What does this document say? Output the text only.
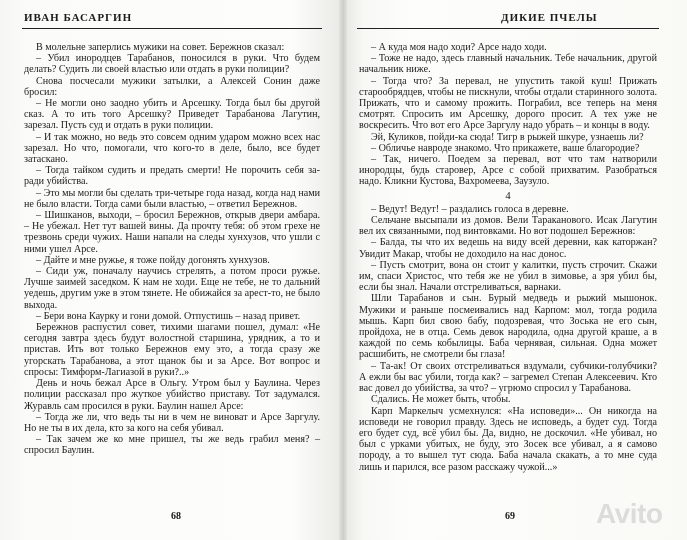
ИВАН БАСАРГИН

В молельне заперлись мужики на совет. Бережнов сказал:

– Убил инородцев Тарабанов, поносился в руки. Что будем делать? Судить ли своей властью или отдать в руки полиции?

Снова посчесали мужики затылки, а Алексей Сонин даже бросил:

– Не могли оно заодно убить и Арсешку. Тогда был бы другой сказ. А то ить того Арсешку? Приведет Тарабанова Лагутин, зарезал. Пусть суд и отдать в руки полиции.

– И так можно, но ведь это совсем одним ударом можно всех нас зарезал. Но что, помогали, что кого-то в деле, было, все будет затаскано.

– Тогда тайком судить и предать смерти! Не порочить себя за-ради убийства.

– Это мы могли бы сделать три-четыре года назад, когда над нами не было власти. Тогда сами были властью, – ответил Бережнов.

– Шишканов, выходи, – бросил Бережнов, открыв двери амбара. – Не убежал. Нет тут вашей вины. Да прочту тебя: об этом грехе не трезвонь среди чужих. Наши напали на следы хунхузов, что ушли с ними ушел Арсе.

– Дайте и мне ружье, я тоже пойду догонять хунхузов.

– Сиди уж, поначалу научись стрелять, а потом проси ружье. Лучше заимей заседком. К нам не ходи. Еще не тебе, не то дальний уедешь, другим уже в этом тянете. Не обижайся за арест-то, не было выхода.

– Бери вона Каурку и гони домой. Отпустишь – назад привет.

Бережнов распустил совет, тихими шагами пошел, думал: «Не сегодня завтра здесь будут волостной старшина, урядник, а то и пристав. Ить вот только Бережнов ему это, а тогда сразу же угорскать Тарабанова, а этот щанок бы и за Арсе. Вот вопрос и спросы: Тимформ-Лагиазой в руки?..»

День и ночь бежал Арсе в Ольгу. Утром был у Баулина. Через полиции рассказал про жуткое убийство приставу. Тот задумался. Журавль сам просился в руки. Баулин нашел Арсе:

– Тогда же ли, что ведь ты ни в чем не виноват и Арсе Заргулу. Но не ты в их дела, кто за кого на себя убивал.

– Так зачем же ко мне пришел, ты же ведь грабил меня? – спросил Баулин.

68
ДИКИЕ ПЧЕЛЫ

– А куда моя надо ходи? Арсе надо ходи.

– Тоже не надо, здесь главный начальник. Тебе начальник, другой начальник ниже.

– Тогда что? За перевал, не упустить такой куш! Прижать старообрядцев, чтобы не пискнули, чтобы отдали старинного золота. Прижать, что и самому прожить. Пограбил, все теперь на меня смотрят. Спросить им Арсешку, дорого просит. А тех уже не воскресить. Что вот его Арсе Заргулу надо убрать – и концы в воду.

Эй, Куликов, пойди-ка сюда! Тигр в рыжей шкуре, узнаешь ли?

– Обличье навроде знакомо. Что прикажете, ваше благородие?

– Так, ничего. Поедем за перевал, вот что там натворили инородцы, будь старовер, Арсе с собой прихватим. Разобраться надо. Кликни Кустова, Вахромеева, Заузуло.

4

– Ведут! Ведут! – раздались голоса в деревне.

Сельчане высыпали из домов. Вели Тараканового. Исак Лагутин вел их связанными, под винтовками. Но вот подошел Бережнов:

– Балда, ты что их ведешь на виду всей деревни, как каторжан? Увидит Макар, чтобы не доходило на нас донос.

– Пусть смотрит, вона он стоит у калитки, пусть строчит. Скажи им, спаси Христос, что тебя же не убил в зимовье, а зря убил бы, если бы знал. Начали отстреливаться, варнаки.

Шли Тарабанов и сын. Бурый медведь и рыжий мышонок. Мужики и раньше посмеивались над Карпом: мол, тогда родила мышь. Карп бил свою бабу, подозревая, что Зоська не его сын, пройдоха, не в отца. Семь девок народила, одна другой краше, а в каждой по семь кобылицы. Баба чернявая, сильная. Одна может расшибить, не смотрели бы глаза!

– Та-ак! От своих отстреливаться вздумали, субчики-голубчики? А ежли бы вас убили, тогда как? – загремел Степан Алексеевич. Кто вас довел до убийства, за что? – угрюмо спросил у Тарабанова.

Сдались. Не может быть, чтобы.

Карп Маркелыч усмехнулся: «На исповеди»... Он никогда на исповеди не говорил правду. Здесь не исповедь, а будет суд. Тогда его будет суд, всё убил бы. Да, видно, не доскочил. «Не убивал, но был с урками убитых, не буду, это Зосек все убивал, а я самово породу, а то вышел тут сюда. Баба начала скакать, а то мне суда лишь и парился, все разом расскажу чужой...»

69	Avito
